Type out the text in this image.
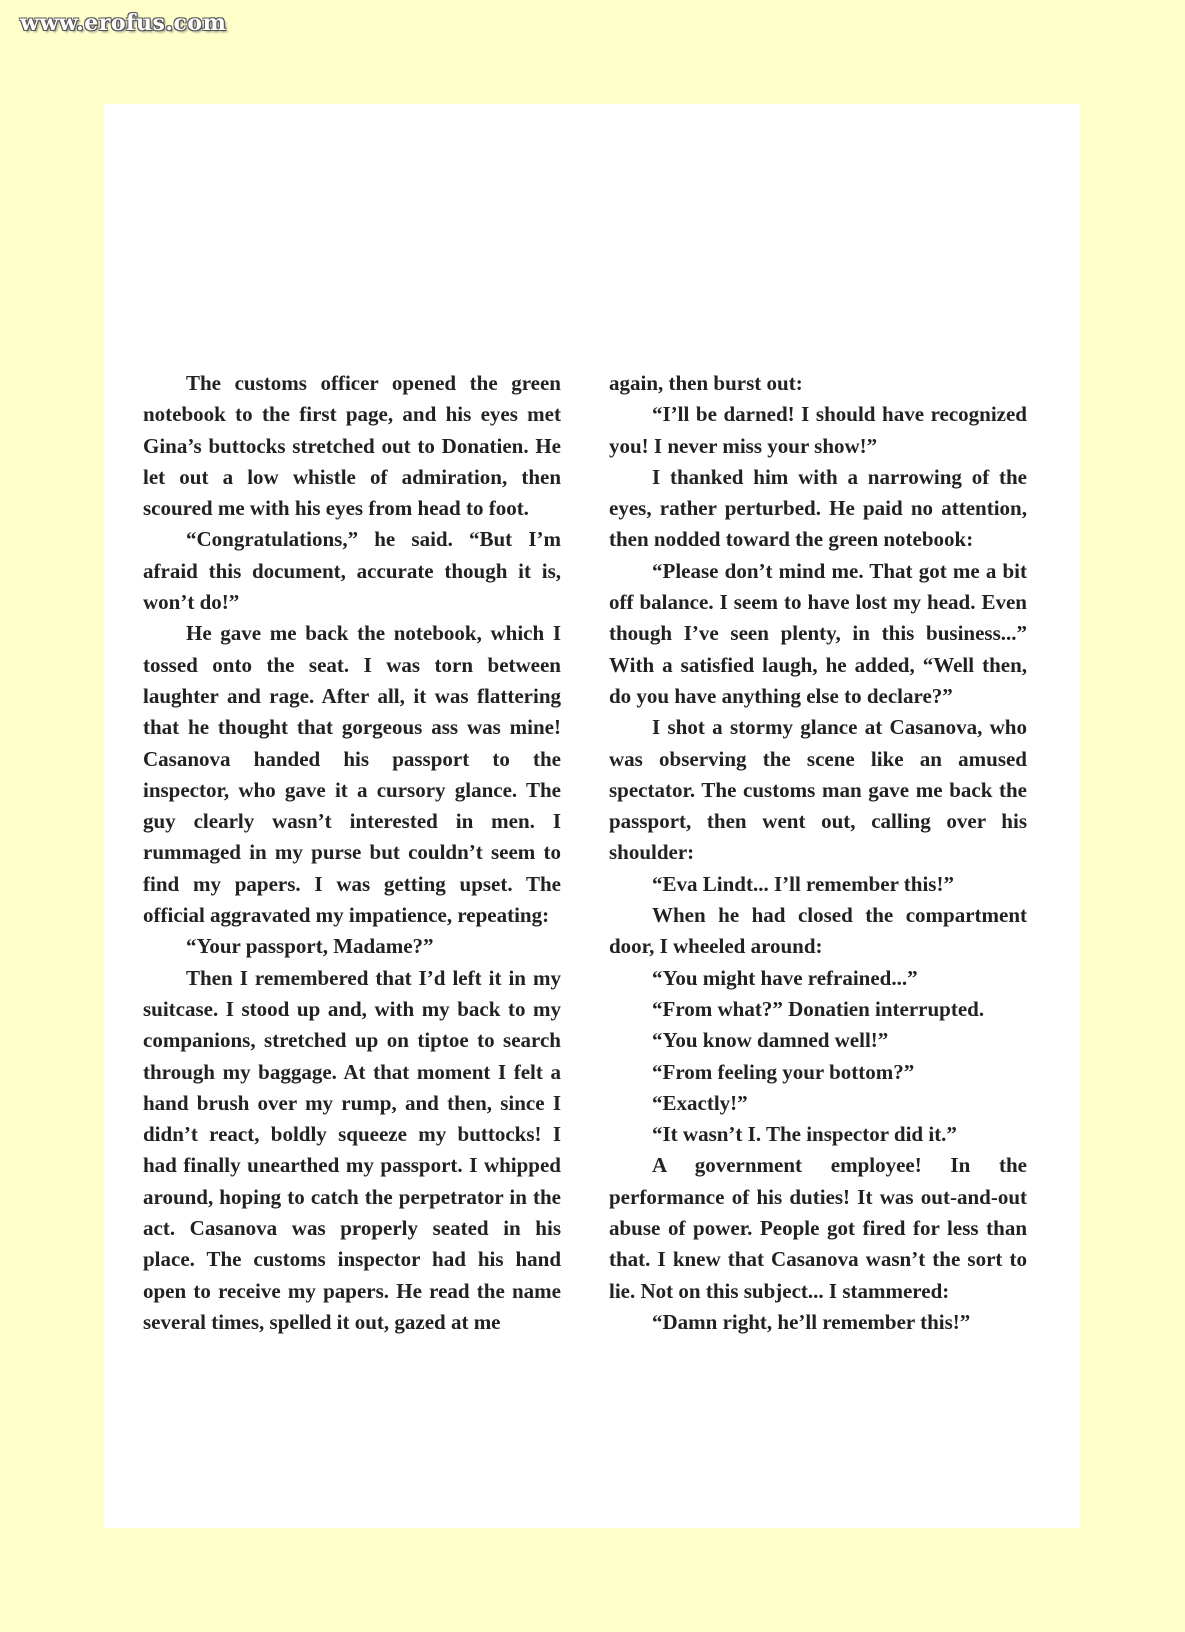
www.erofus.com

The customs officer opened the green notebook to the first page, and his eyes met Gina’s buttocks stretched out to Donatien. He let out a low whistle of admiration, then scoured me with his eyes from head to foot.

“Congratulations,” he said. “But I’m afraid this document, accurate though it is, won’t do!”

He gave me back the notebook, which I tossed onto the seat. I was torn between laughter and rage. After all, it was flattering that he thought that gorgeous ass was mine! Casanova handed his passport to the inspector, who gave it a cursory glance. The guy clearly wasn’t interested in men. I rummaged in my purse but couldn’t seem to find my papers. I was getting upset. The official aggravated my impatience, repeating:

“Your passport, Madame?”

Then I remembered that I’d left it in my suitcase. I stood up and, with my back to my companions, stretched up on tiptoe to search through my baggage. At that moment I felt a hand brush over my rump, and then, since I didn’t react, boldly squeeze my buttocks! I had finally unearthed my passport. I whipped around, hoping to catch the perpetrator in the act. Casanova was properly seated in his place. The customs inspector had his hand open to receive my papers. He read the name several times, spelled it out, gazed at me

again, then burst out:

“I’ll be darned! I should have recognized you! I never miss your show!”

I thanked him with a narrowing of the eyes, rather perturbed. He paid no attention, then nodded toward the green notebook:

“Please don’t mind me. That got me a bit off balance. I seem to have lost my head. Even though I’ve seen plenty, in this business...” With a satisfied laugh, he added, “Well then, do you have anything else to declare?”

I shot a stormy glance at Casanova, who was observing the scene like an amused spectator. The customs man gave me back the passport, then went out, calling over his shoulder:

“Eva Lindt... I’ll remember this!”

When he had closed the compartment door, I wheeled around:

“You might have refrained...”

“From what?” Donatien interrupted.

“You know damned well!”

“From feeling your bottom?”

“Exactly!”

“It wasn’t I. The inspector did it.”

A government employee! In the performance of his duties! It was out-and-out abuse of power. People got fired for less than that. I knew that Casanova wasn’t the sort to lie. Not on this subject... I stammered:

“Damn right, he’ll remember this!”
